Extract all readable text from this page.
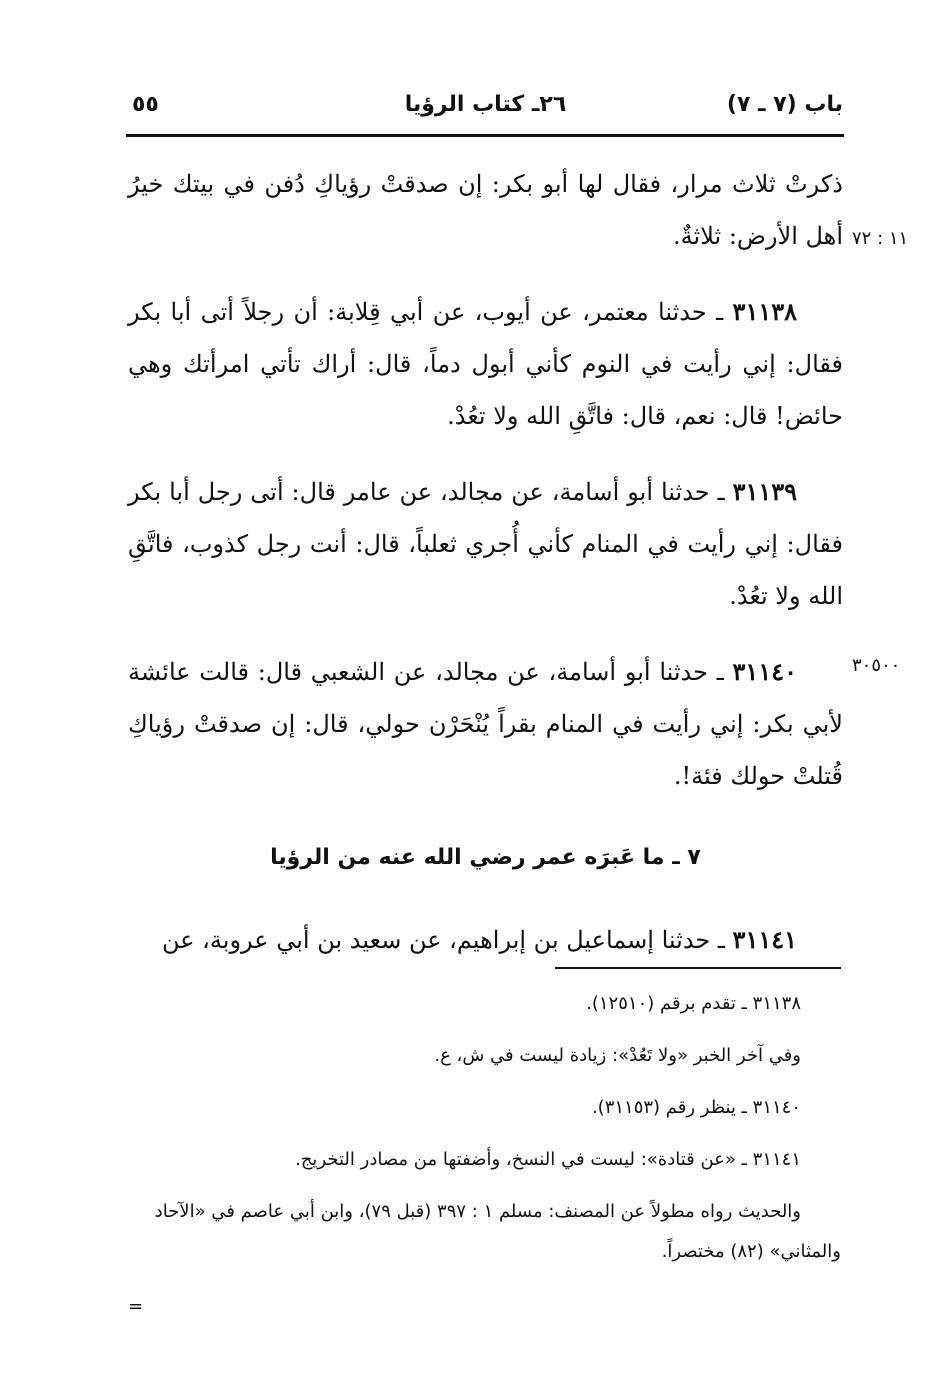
باب (٧ ـ ٧)
٢٦ـ كتاب الرؤيا
٥٥
١١ : ٧٢
٣٠٥٠٠

ذكرتْ ثلاث مرار، فقال لها أبو بكر: إن صدقتْ رؤياكِ دُفن في بيتك خيرُ أهل الأرض: ثلاثةٌ.

٣١١٣٨ ـ حدثنا معتمر، عن أيوب، عن أبي قِلابة: أن رجلاً أتى أبا بكر فقال: إني رأيت في النوم كأني أبول دماً، قال: أراك تأتي امرأتك وهي حائض! قال: نعم، قال: فاتَّقِ الله ولا تعُدْ.

٣١١٣٩ ـ حدثنا أبو أسامة، عن مجالد، عن عامر قال: أتى رجل أبا بكر فقال: إني رأيت في المنام كأني أُجري ثعلباً، قال: أنت رجل كذوب، فاتَّقِ الله ولا تعُدْ.

٣١١٤٠ ـ حدثنا أبو أسامة، عن مجالد، عن الشعبي قال: قالت عائشة لأبي بكر: إني رأيت في المنام بقراً يُنْحَرْن حولي، قال: إن صدقتْ رؤياكِ قُتلتْ حولك فئة!.

٧ ـ ما عَبرَه عمر رضي الله عنه من الرؤيا

٣١١٤١ ـ حدثنا إسماعيل بن إبراهيم، عن سعيد بن أبي عروبة، عن

٣١١٣٨ ـ تقدم برقم (١٢٥١٠).

وفي آخر الخبر «ولا تَعُدْ»: زيادة ليست في ش، ع.

٣١١٤٠ ـ ينظر رقم (٣١١٥٣).

٣١١٤١ ـ «عن قتادة»: ليست في النسخ، وأضفتها من مصادر التخريج.

والحديث رواه مطولاً عن المصنف: مسلم ١ : ٣٩٧ (قبل ٧٩)، وابن أبي عاصم في «الآحاد والمثاني» (٨٢) مختصراً.

=
